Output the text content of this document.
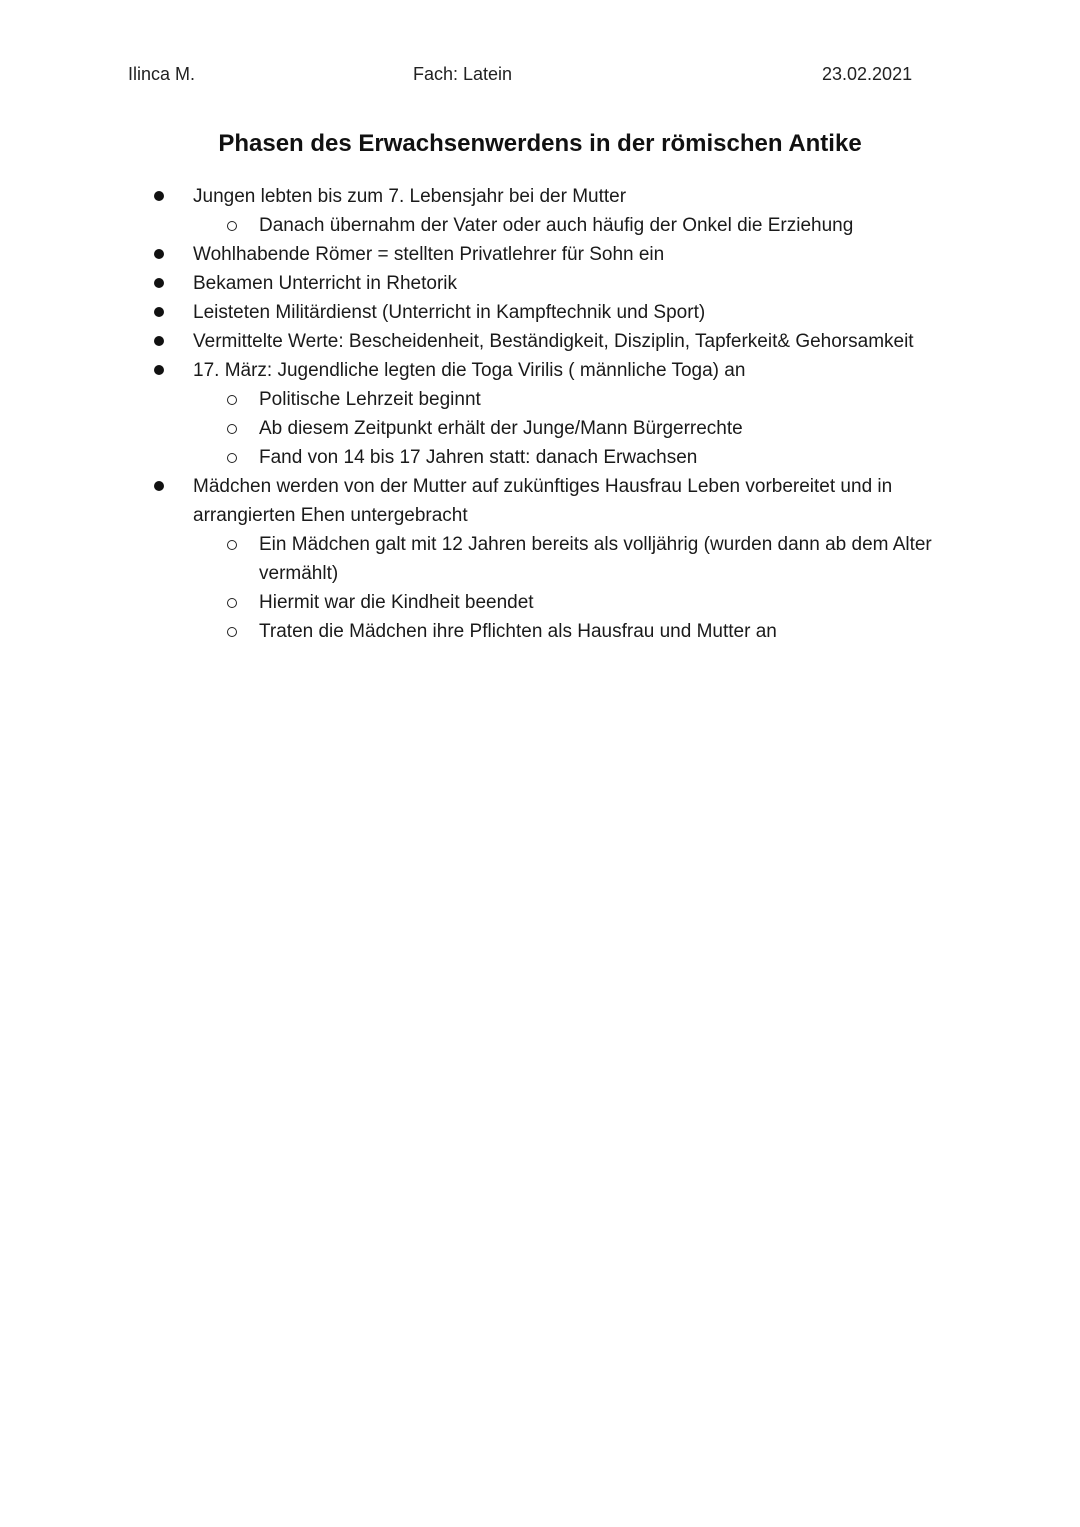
Ilinca M.	Fach: Latein	23.02.2021
Phasen des Erwachsenwerdens in der römischen Antike
Jungen lebten bis zum 7. Lebensjahr bei der Mutter
Danach übernahm der Vater oder auch häufig der Onkel die Erziehung
Wohlhabende Römer = stellten Privatlehrer für Sohn ein
Bekamen Unterricht in Rhetorik
Leisteten Militärdienst (Unterricht in Kampftechnik und Sport)
Vermittelte Werte: Bescheidenheit, Beständigkeit, Disziplin, Tapferkeit& Gehorsamkeit
17. März: Jugendliche legten die Toga Virilis ( männliche Toga) an
Politische Lehrzeit beginnt
Ab diesem Zeitpunkt erhält der Junge/Mann Bürgerrechte
Fand von 14 bis 17 Jahren statt: danach Erwachsen
Mädchen werden von der Mutter auf zukünftiges Hausfrau Leben vorbereitet und in arrangierten Ehen untergebracht
Ein Mädchen galt mit 12 Jahren bereits als volljährig (wurden dann ab dem Alter vermählt)
Hiermit war die Kindheit beendet
Traten die Mädchen ihre Pflichten als Hausfrau und Mutter an
